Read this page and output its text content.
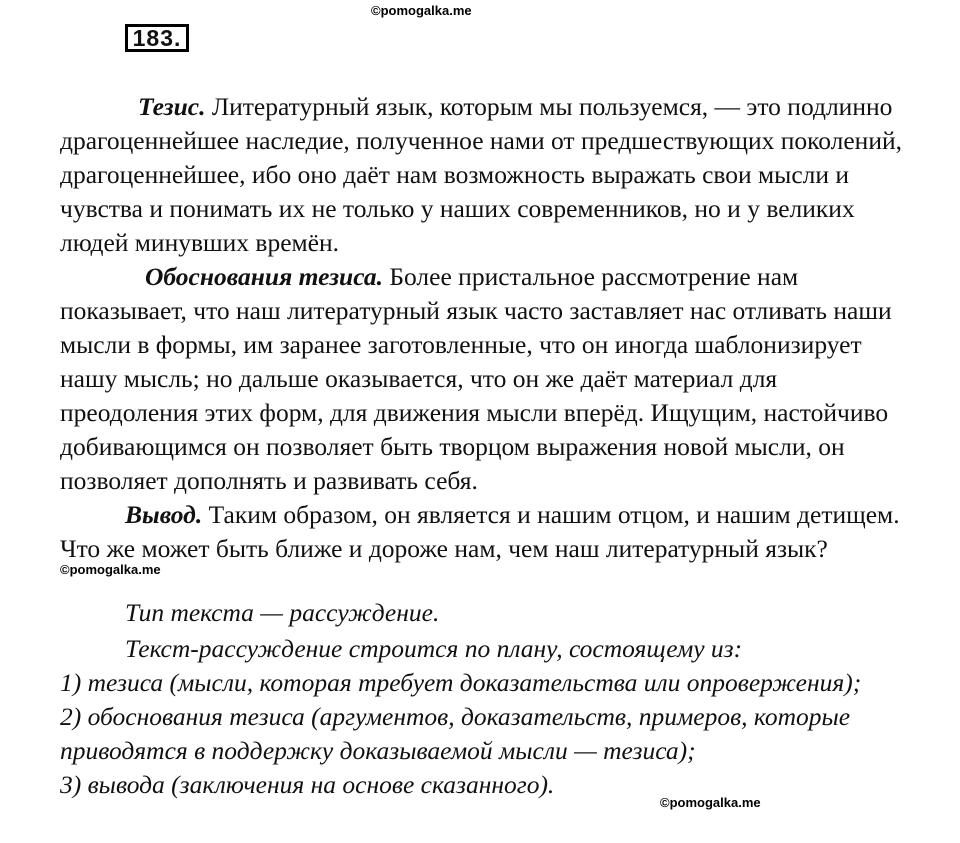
©pomogalka.me
183.

Тезис. Литературный язык, которым мы пользуемся, — это подлинно

драгоценнейшее наследие, полученное нами от предшествующих поколений,

драгоценнейшее, ибо оно даёт нам возможность выражать свои мысли и

чувства и понимать их не только у наших современников, но и у великих

людей минувших времён.

Обоснования тезиса. Более пристальное рассмотрение нам

показывает, что наш литературный язык часто заставляет нас отливать наши

мысли в формы, им заранее заготовленные, что он иногда шаблонизирует

нашу мысль; но дальше оказывается, что он же даёт материал для

преодоления этих форм, для движения мысли вперёд. Ищущим, настойчиво

добивающимся он позволяет быть творцом выражения новой мысли, он

позволяет дополнять и развивать себя.

Вывод. Таким образом, он является и нашим отцом, и нашим детищем.

Что же может быть ближе и дороже нам, чем наш литературный язык?

©pomogalka.me

Тип текста — рассуждение.

Текст-рассуждение строится по плану, состоящему из:

1) тезиса (мысли, которая требует доказательства или опровержения);

2) обоснования тезиса (аргументов, доказательств, примеров, которые

приводятся в поддержку доказываемой мысли — тезиса);

3) вывода (заключения на основе сказанного).

©pomogalka.me
